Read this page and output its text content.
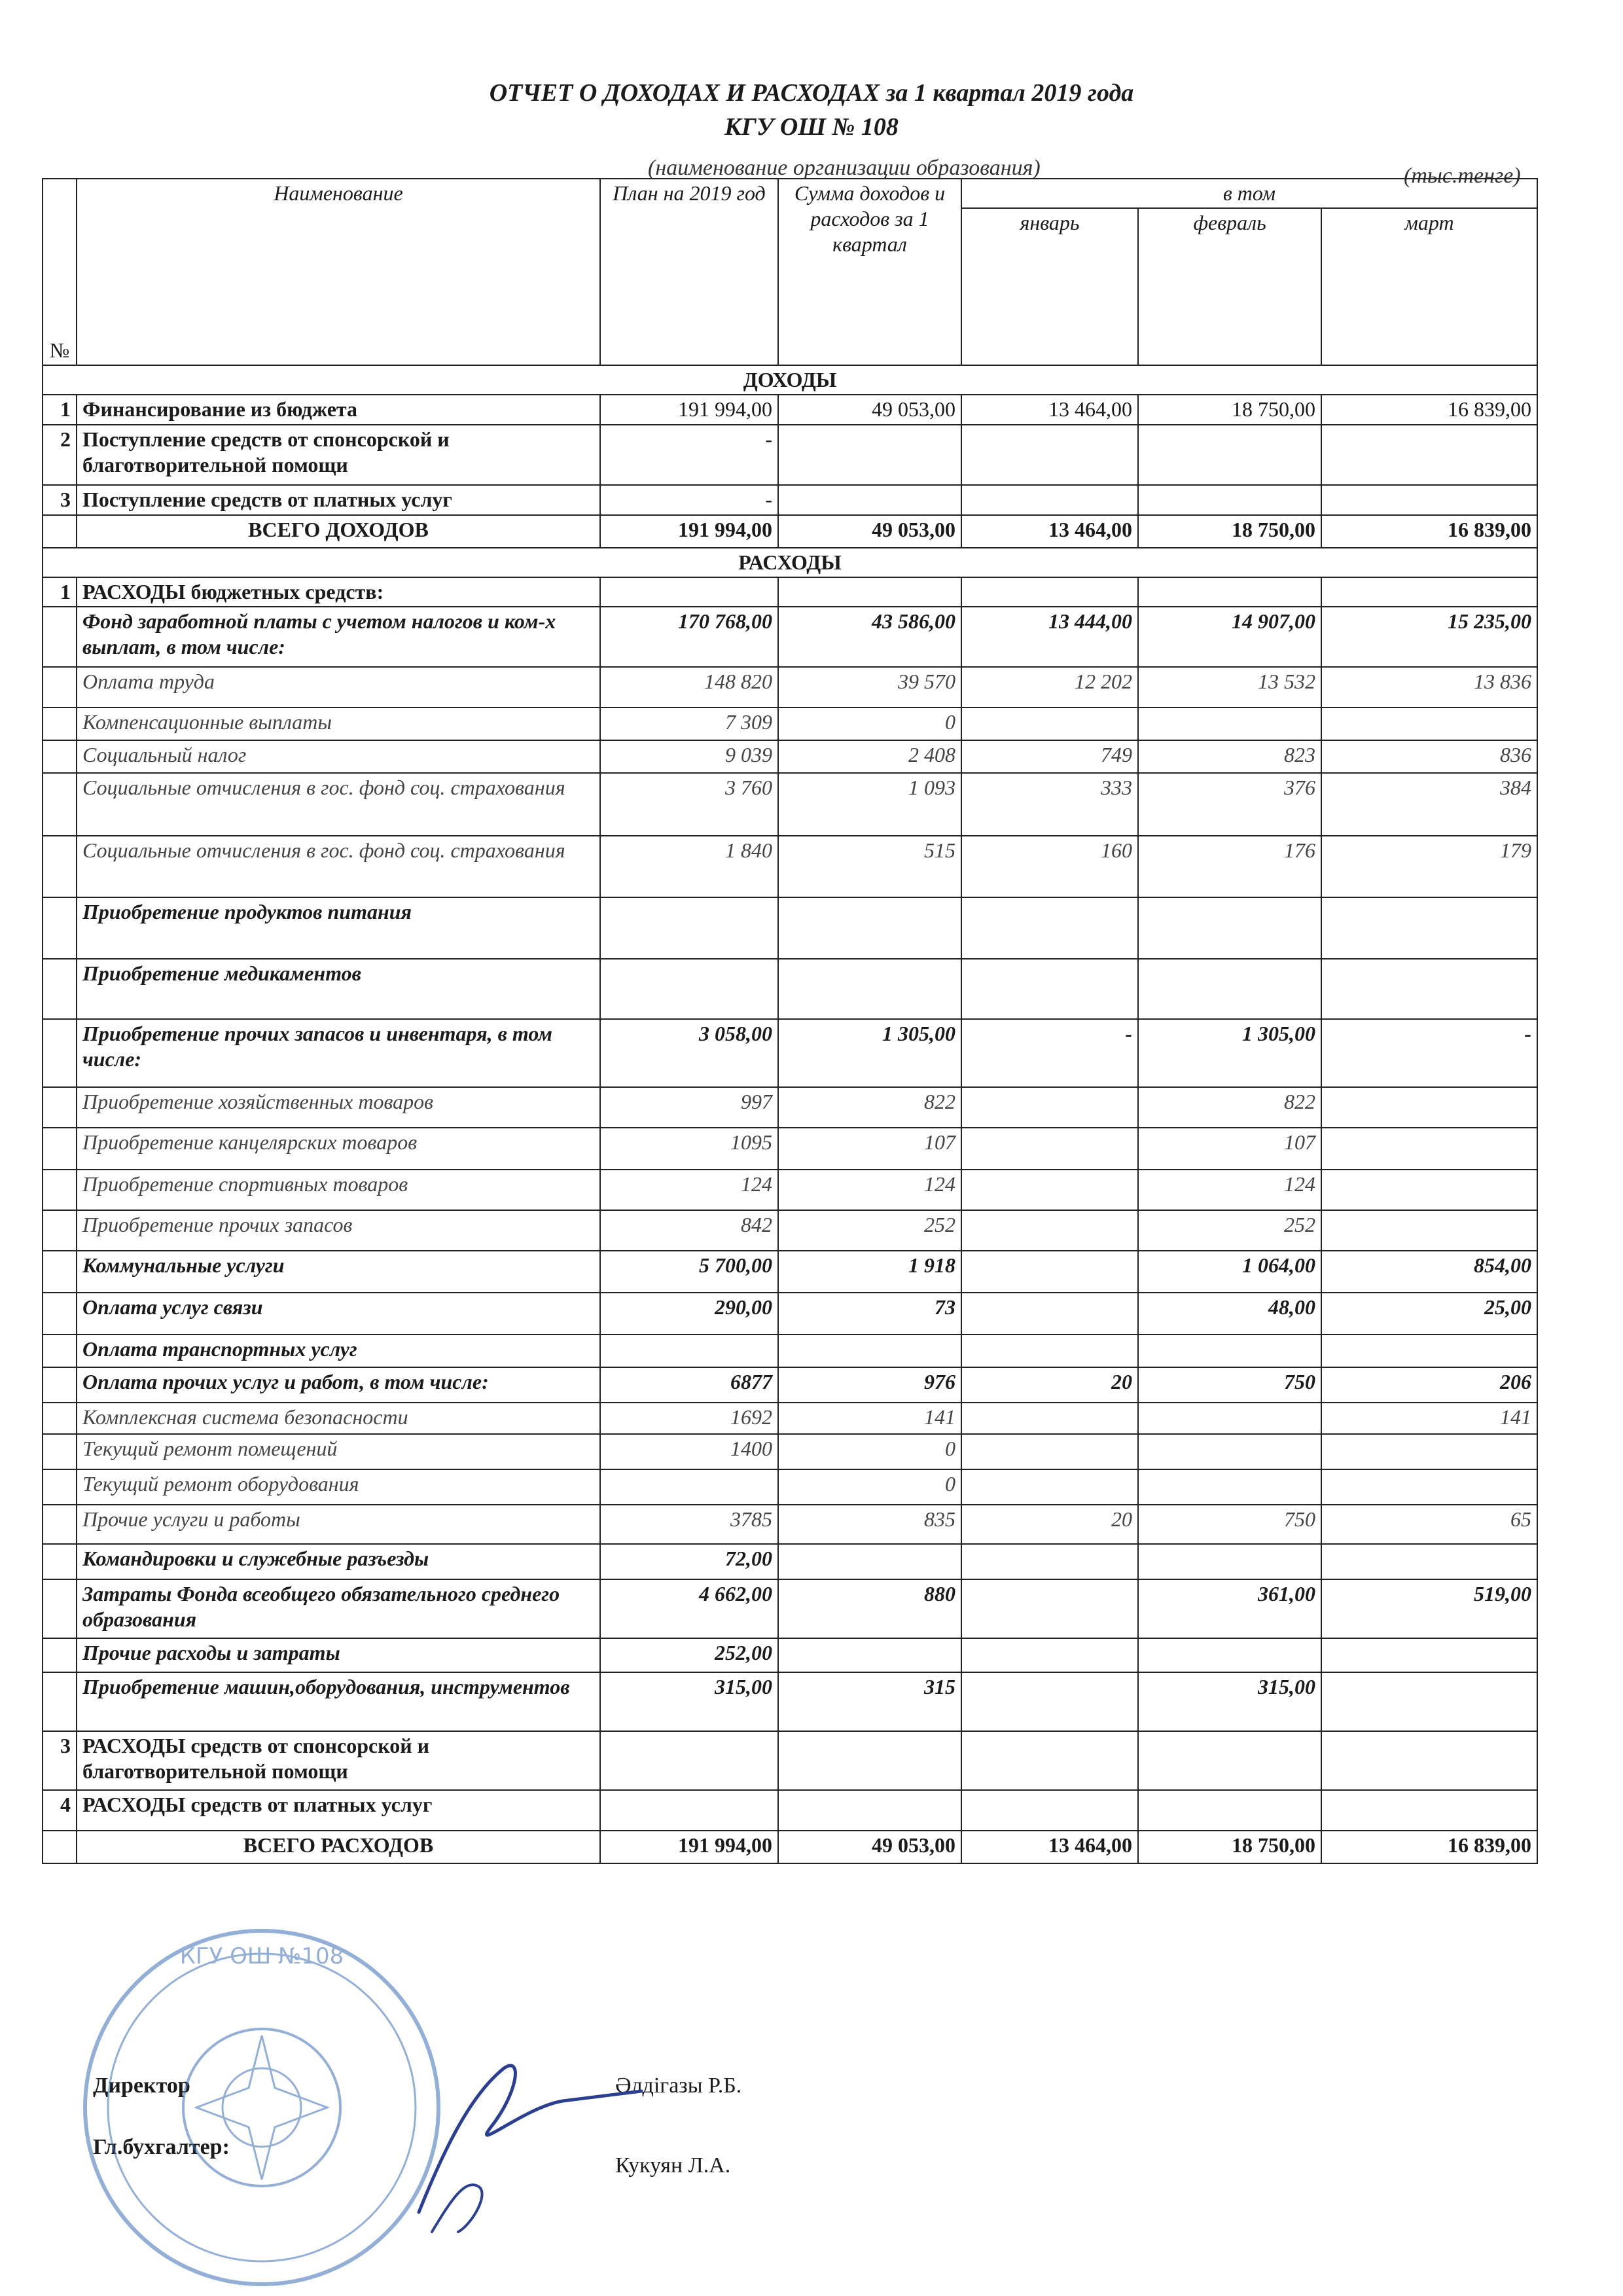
ОТЧЕТ О ДОХОДАХ И РАСХОДАХ за 1 квартал 2019 года
КГУ ОШ № 108
(наименование организации образования)	(тыс.тенге)
№	Наименование	План на 2019 год	Сумма доходов и расходов за 1 квартал	в том		
				январь	февраль	март
ДОХОДЫ						
1	Финансирование из бюджета	191 994,00	49 053,00	13 464,00	18 750,00	16 839,00
2	Поступление средств от спонсорской и благотворительной помощи	-				
3	Поступление средств от платных услуг	-				
	ВСЕГО ДОХОДОВ	191 994,00	49 053,00	13 464,00	18 750,00	16 839,00
РАСХОДЫ						
1	РАСХОДЫ бюджетных средств:					
	Фонд заработной платы с учетом налогов и ком-х выплат, в том числе:	170 768,00	43 586,00	13 444,00	14 907,00	15 235,00
	Оплата труда	148 820	39 570	12 202	13 532	13 836
	Компенсационные выплаты	7 309	0			
	Социальный налог	9 039	2 408	749	823	836
	Социальные отчисления в гос. фонд соц. страхования	3 760	1 093	333	376	384
	Социальные отчисления в гос. фонд соц. страхования	1 840	515	160	176	179
	Приобретение продуктов питания					
	Приобретение медикаментов					
	Приобретение прочих запасов и инвентаря, в том числе:	3 058,00	1 305,00	-	1 305,00	-
	Приобретение хозяйственных товаров	997	822		822	
	Приобретение канцелярских товаров	1095	107		107	
	Приобретение спортивных товаров	124	124		124	
	Приобретение прочих запасов	842	252		252	
	Коммунальные услуги	5 700,00	1 918		1 064,00	854,00
	Оплата услуг связи	290,00	73		48,00	25,00
	Оплата транспортных услуг					
	Оплата прочих услуг и работ, в том числе:	6877	976	20	750	206
	Комплексная система безопасности	1692	141			141
	Текущий ремонт помещений	1400	0			
	Текущий ремонт оборудования		0			
	Прочие услуги и работы	3785	835	20	750	65
	Командировки и служебные разъезды	72,00				
	Затраты Фонда всеобщего обязательного среднего образования	4 662,00	880		361,00	519,00
	Прочие расходы и затраты	252,00				
	Приобретение машин,оборудования, инструментов	315,00	315		315,00	
3	РАСХОДЫ средств от спонсорской и благотворительной помощи					
4	РАСХОДЫ средств от платных услуг					
	ВСЕГО РАСХОДОВ	191 994,00	49 053,00	13 464,00	18 750,00	16 839,00
Директор	Әлдігазы Р.Б.
Гл.бухгалтер:
Кукуян Л.А.
КГУ ОШ №108
